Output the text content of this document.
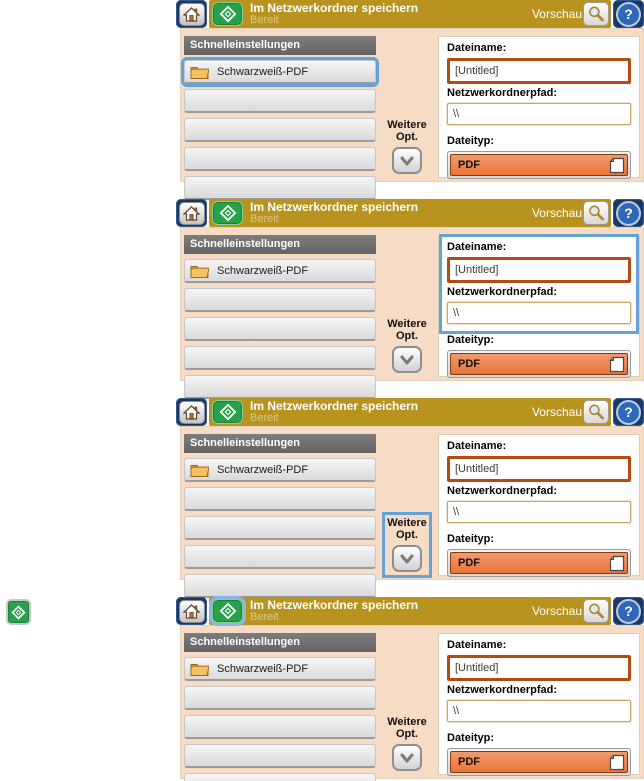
Im Netzwerkordner speichern
Bereit	Vorschau	?
Schnelleinstellungen
Schwarzweiß-PDF
Weitere
Opt.
Dateiname:
[Untitled]
Netzwerkordnerpfad:
\\
Dateityp:
PDF
Im Netzwerkordner speichern
Bereit	Vorschau	?
Schnelleinstellungen
Schwarzweiß-PDF
Weitere
Opt.
Dateiname:
[Untitled]
Netzwerkordnerpfad:
\\
Dateityp:
PDF
Im Netzwerkordner speichern
Bereit	Vorschau	?
Schnelleinstellungen
Schwarzweiß-PDF
Weitere
Opt.
Dateiname:
[Untitled]
Netzwerkordnerpfad:
\\
Dateityp:
PDF
Im Netzwerkordner speichern
Bereit	Vorschau	?
Schnelleinstellungen
Schwarzweiß-PDF
Weitere
Opt.
Dateiname:
[Untitled]
Netzwerkordnerpfad:
\\
Dateityp:
PDF
